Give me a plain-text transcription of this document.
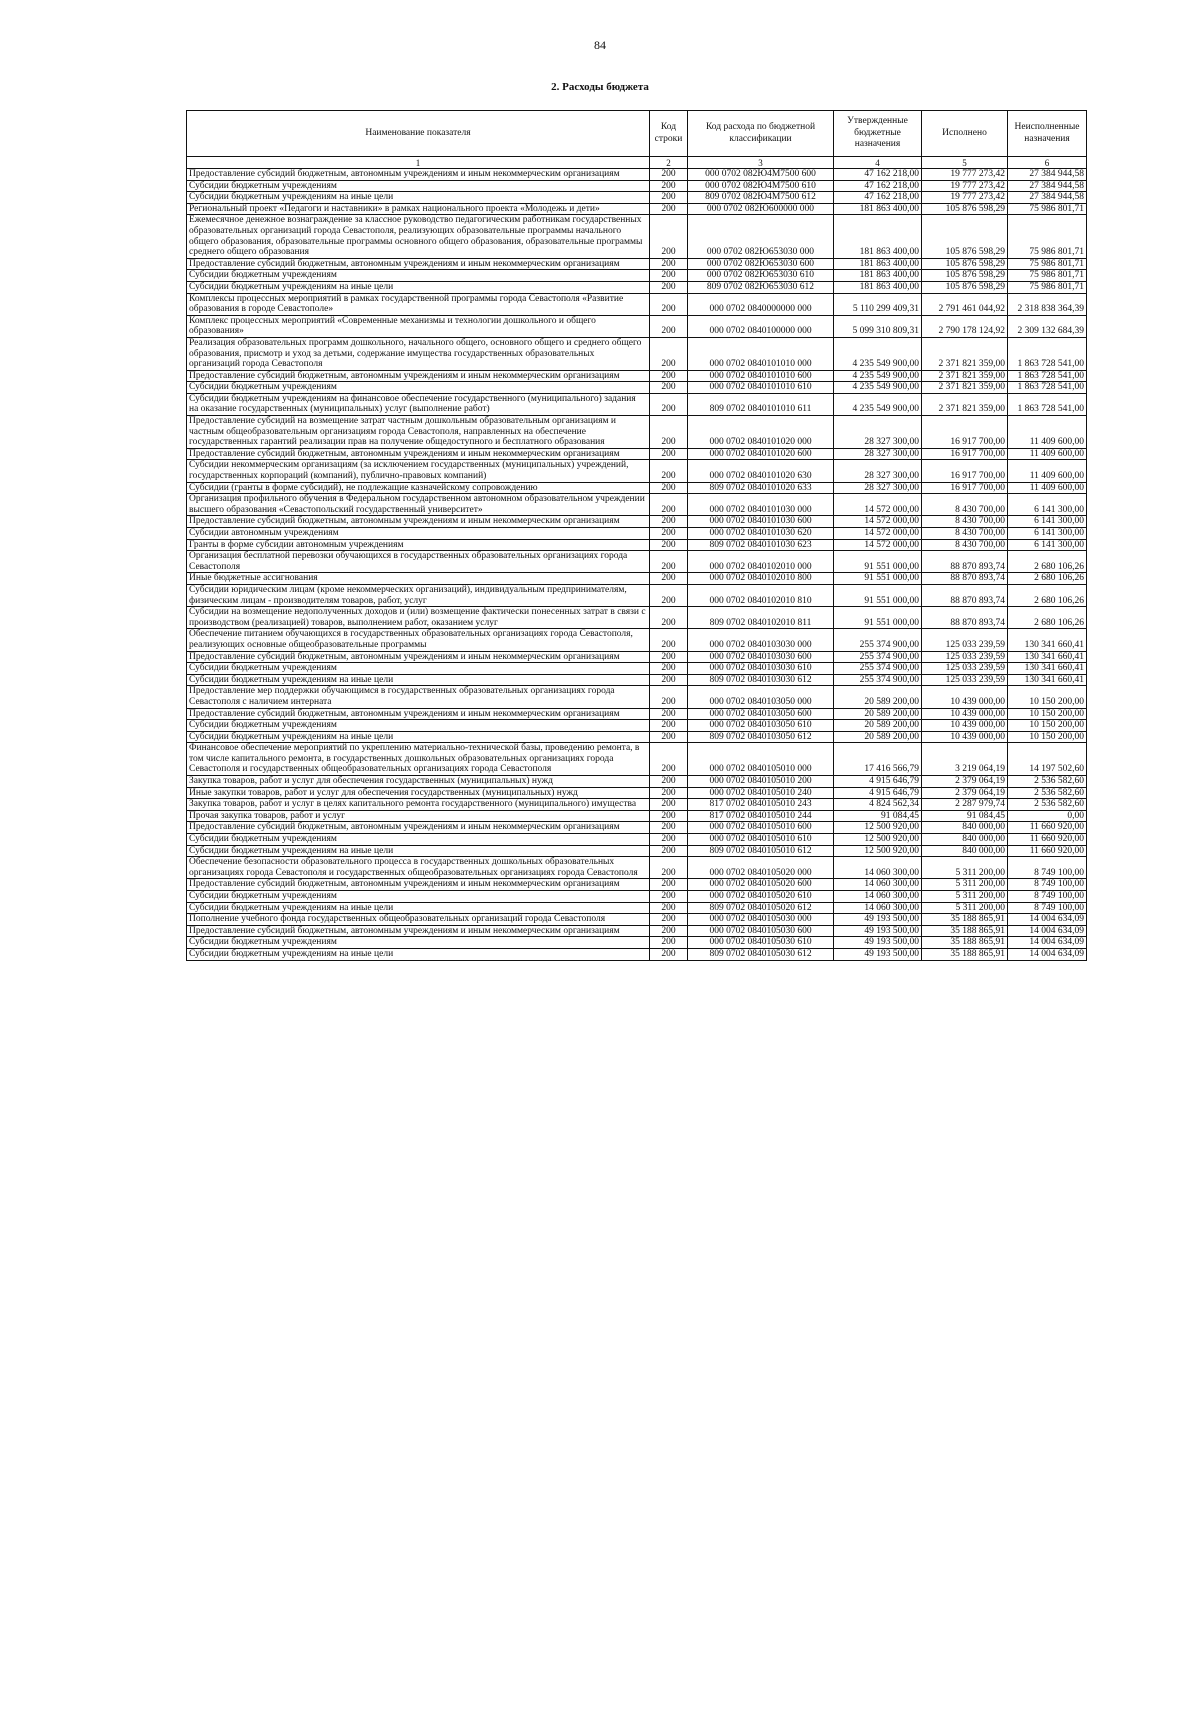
84
2. Расходы бюджета
Наименование показателя	Код строки	Код расхода по бюджетной классификации	Утвержденные бюджетные назначения	Исполнено	Неисполненные назначения
1	2	3	4	5	6
Предоставление субсидий бюджетным, автономным учреждениям и иным некоммерческим организациям	200	000 0702 082Ю4М7500 600	47 162 218,00	19 777 273,42	27 384 944,58
Субсидии бюджетным учреждениям	200	000 0702 082Ю4М7500 610	47 162 218,00	19 777 273,42	27 384 944,58
Субсидии бюджетным учреждениям на иные цели	200	809 0702 082Ю4М7500 612	47 162 218,00	19 777 273,42	27 384 944,58
Региональный проект «Педагоги и наставники» в рамках национального проекта «Молодежь и дети»	200	000 0702 082Ю600000 000	181 863 400,00	105 876 598,29	75 986 801,71
Ежемесячное денежное вознаграждение за классное руководство педагогическим работникам государственных образовательных организаций города Севастополя, реализующих образовательные программы начального общего образования, образовательные программы основного общего образования, образовательные программы среднего общего образования	200	000 0702 082Ю653030 000	181 863 400,00	105 876 598,29	75 986 801,71
Предоставление субсидий бюджетным, автономным учреждениям и иным некоммерческим организациям	200	000 0702 082Ю653030 600	181 863 400,00	105 876 598,29	75 986 801,71
Субсидии бюджетным учреждениям	200	000 0702 082Ю653030 610	181 863 400,00	105 876 598,29	75 986 801,71
Субсидии бюджетным учреждениям на иные цели	200	809 0702 082Ю653030 612	181 863 400,00	105 876 598,29	75 986 801,71
Комплексы процессных мероприятий в рамках государственной программы города Севастополя «Развитие образования в городе Севастополе»	200	000 0702 0840000000 000	5 110 299 409,31	2 791 461 044,92	2 318 838 364,39
Комплекс процессных мероприятий «Современные механизмы и технологии дошкольного и общего образования»	200	000 0702 0840100000 000	5 099 310 809,31	2 790 178 124,92	2 309 132 684,39
Реализация образовательных программ дошкольного, начального общего, основного общего и среднего общего образования, присмотр и уход за детьми, содержание имущества государственных образовательных организаций города Севастополя	200	000 0702 0840101010 000	4 235 549 900,00	2 371 821 359,00	1 863 728 541,00
Предоставление субсидий бюджетным, автономным учреждениям и иным некоммерческим организациям	200	000 0702 0840101010 600	4 235 549 900,00	2 371 821 359,00	1 863 728 541,00
Субсидии бюджетным учреждениям	200	000 0702 0840101010 610	4 235 549 900,00	2 371 821 359,00	1 863 728 541,00
Субсидии бюджетным учреждениям на финансовое обеспечение государственного (муниципального) задания на оказание государственных (муниципальных) услуг (выполнение работ)	200	809 0702 0840101010 611	4 235 549 900,00	2 371 821 359,00	1 863 728 541,00
Предоставление субсидий на возмещение затрат частным дошкольным образовательным организациям и частным общеобразовательным организациям города Севастополя, направленных на обеспечение государственных гарантий реализации прав на получение общедоступного и бесплатного образования	200	000 0702 0840101020 000	28 327 300,00	16 917 700,00	11 409 600,00
Предоставление субсидий бюджетным, автономным учреждениям и иным некоммерческим организациям	200	000 0702 0840101020 600	28 327 300,00	16 917 700,00	11 409 600,00
Субсидии некоммерческим организациям (за исключением государственных (муниципальных) учреждений, государственных корпораций (компаний), публично-правовых компаний)	200	000 0702 0840101020 630	28 327 300,00	16 917 700,00	11 409 600,00
Субсидии (гранты в форме субсидий), не подлежащие казначейскому сопровождению	200	809 0702 0840101020 633	28 327 300,00	16 917 700,00	11 409 600,00
Организация профильного обучения в Федеральном государственном автономном образовательном учреждении высшего образования «Севастопольский государственный университет»	200	000 0702 0840101030 000	14 572 000,00	8 430 700,00	6 141 300,00
Предоставление субсидий бюджетным, автономным учреждениям и иным некоммерческим организациям	200	000 0702 0840101030 600	14 572 000,00	8 430 700,00	6 141 300,00
Субсидии автономным учреждениям	200	000 0702 0840101030 620	14 572 000,00	8 430 700,00	6 141 300,00
Гранты в форме субсидии автономным учреждениям	200	809 0702 0840101030 623	14 572 000,00	8 430 700,00	6 141 300,00
Организация бесплатной перевозки обучающихся в государственных образовательных организациях города Севастополя	200	000 0702 0840102010 000	91 551 000,00	88 870 893,74	2 680 106,26
Иные бюджетные ассигнования	200	000 0702 0840102010 800	91 551 000,00	88 870 893,74	2 680 106,26
Субсидии юридическим лицам (кроме некоммерческих организаций), индивидуальным предпринимателям, физическим лицам - производителям товаров, работ, услуг	200	000 0702 0840102010 810	91 551 000,00	88 870 893,74	2 680 106,26
Субсидии на возмещение недополученных доходов и (или) возмещение фактически понесенных затрат в связи с производством (реализацией) товаров, выполнением работ, оказанием услуг	200	809 0702 0840102010 811	91 551 000,00	88 870 893,74	2 680 106,26
Обеспечение питанием обучающихся в государственных образовательных организациях города Севастополя, реализующих основные общеобразовательные программы	200	000 0702 0840103030 000	255 374 900,00	125 033 239,59	130 341 660,41
Предоставление субсидий бюджетным, автономным учреждениям и иным некоммерческим организациям	200	000 0702 0840103030 600	255 374 900,00	125 033 239,59	130 341 660,41
Субсидии бюджетным учреждениям	200	000 0702 0840103030 610	255 374 900,00	125 033 239,59	130 341 660,41
Субсидии бюджетным учреждениям на иные цели	200	809 0702 0840103030 612	255 374 900,00	125 033 239,59	130 341 660,41
Предоставление мер поддержки обучающимся в государственных образовательных организациях города Севастополя с наличием интерната	200	000 0702 0840103050 000	20 589 200,00	10 439 000,00	10 150 200,00
Предоставление субсидий бюджетным, автономным учреждениям и иным некоммерческим организациям	200	000 0702 0840103050 600	20 589 200,00	10 439 000,00	10 150 200,00
Субсидии бюджетным учреждениям	200	000 0702 0840103050 610	20 589 200,00	10 439 000,00	10 150 200,00
Субсидии бюджетным учреждениям на иные цели	200	809 0702 0840103050 612	20 589 200,00	10 439 000,00	10 150 200,00
Финансовое обеспечение мероприятий по укреплению материально-технической базы, проведению ремонта, в том числе капитального ремонта, в государственных дошкольных образовательных организациях города Севастополя и государственных общеобразовательных организациях города Севастополя	200	000 0702 0840105010 000	17 416 566,79	3 219 064,19	14 197 502,60
Закупка товаров, работ и услуг для обеспечения государственных (муниципальных) нужд	200	000 0702 0840105010 200	4 915 646,79	2 379 064,19	2 536 582,60
Иные закупки товаров, работ и услуг для обеспечения государственных (муниципальных) нужд	200	000 0702 0840105010 240	4 915 646,79	2 379 064,19	2 536 582,60
Закупка товаров, работ и услуг в целях капитального ремонта государственного (муниципального) имущества	200	817 0702 0840105010 243	4 824 562,34	2 287 979,74	2 536 582,60
Прочая закупка товаров, работ и услуг	200	817 0702 0840105010 244	91 084,45	91 084,45	0,00
Предоставление субсидий бюджетным, автономным учреждениям и иным некоммерческим организациям	200	000 0702 0840105010 600	12 500 920,00	840 000,00	11 660 920,00
Субсидии бюджетным учреждениям	200	000 0702 0840105010 610	12 500 920,00	840 000,00	11 660 920,00
Субсидии бюджетным учреждениям на иные цели	200	809 0702 0840105010 612	12 500 920,00	840 000,00	11 660 920,00
Обеспечение безопасности образовательного процесса в государственных дошкольных образовательных организациях города Севастополя и государственных общеобразовательных организациях города Севастополя	200	000 0702 0840105020 000	14 060 300,00	5 311 200,00	8 749 100,00
Предоставление субсидий бюджетным, автономным учреждениям и иным некоммерческим организациям	200	000 0702 0840105020 600	14 060 300,00	5 311 200,00	8 749 100,00
Субсидии бюджетным учреждениям	200	000 0702 0840105020 610	14 060 300,00	5 311 200,00	8 749 100,00
Субсидии бюджетным учреждениям на иные цели	200	809 0702 0840105020 612	14 060 300,00	5 311 200,00	8 749 100,00
Пополнение учебного фонда государственных общеобразовательных организаций города Севастополя	200	000 0702 0840105030 000	49 193 500,00	35 188 865,91	14 004 634,09
Предоставление субсидий бюджетным, автономным учреждениям и иным некоммерческим организациям	200	000 0702 0840105030 600	49 193 500,00	35 188 865,91	14 004 634,09
Субсидии бюджетным учреждениям	200	000 0702 0840105030 610	49 193 500,00	35 188 865,91	14 004 634,09
Субсидии бюджетным учреждениям на иные цели	200	809 0702 0840105030 612	49 193 500,00	35 188 865,91	14 004 634,09
